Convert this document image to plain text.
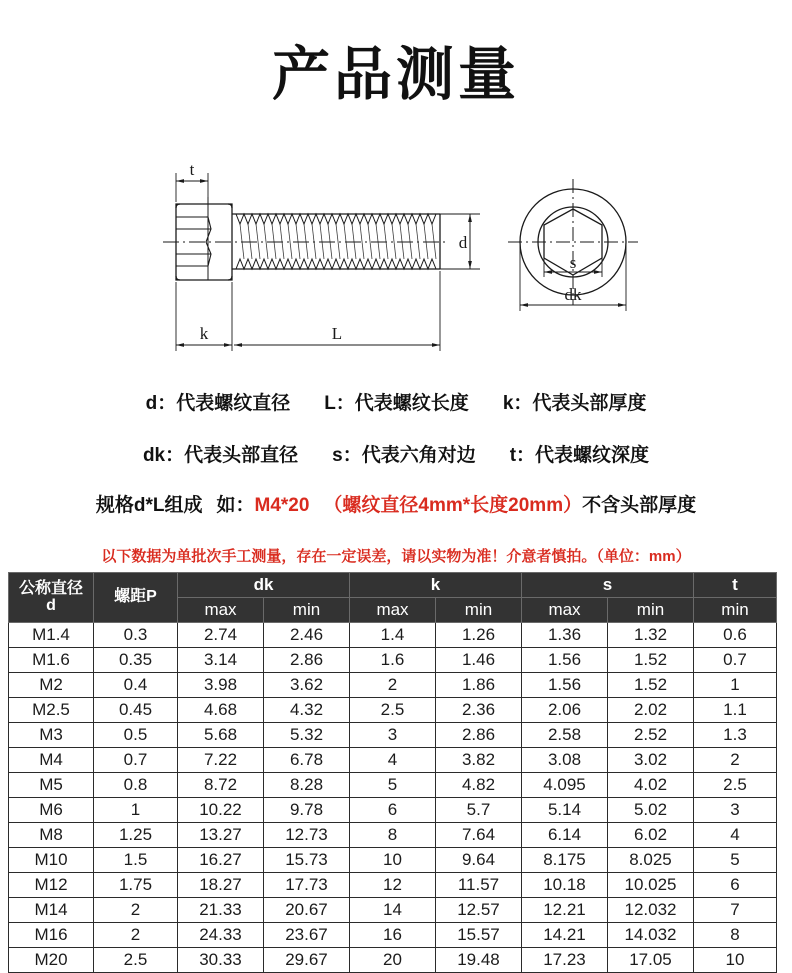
产品测量
t
d
k	L
s
dk
d：代表螺纹直径 L：代表螺纹长度 k：代表头部厚度
dk：代表头部直径 s：代表六角对边 t：代表螺纹深度
规格d*L组成 如：M4*20 （螺纹直径4mm*长度20mm）不含头部厚度
以下数据为单批次手工测量，存在一定误差，请以实物为准！介意者慎拍。（单位：mm）
公称直径
d	螺距P	dk		k		s		t
		max	min	max	min	max	min	min
M1.4	0.3	2.74	2.46	1.4	1.26	1.36	1.32	0.6
M1.6	0.35	3.14	2.86	1.6	1.46	1.56	1.52	0.7
M2	0.4	3.98	3.62	2	1.86	1.56	1.52	1
M2.5	0.45	4.68	4.32	2.5	2.36	2.06	2.02	1.1
M3	0.5	5.68	5.32	3	2.86	2.58	2.52	1.3
M4	0.7	7.22	6.78	4	3.82	3.08	3.02	2
M5	0.8	8.72	8.28	5	4.82	4.095	4.02	2.5
M6	1	10.22	9.78	6	5.7	5.14	5.02	3
M8	1.25	13.27	12.73	8	7.64	6.14	6.02	4
M10	1.5	16.27	15.73	10	9.64	8.175	8.025	5
M12	1.75	18.27	17.73	12	11.57	10.18	10.025	6
M14	2	21.33	20.67	14	12.57	12.21	12.032	7
M16	2	24.33	23.67	16	15.57	14.21	14.032	8
M20	2.5	30.33	29.67	20	19.48	17.23	17.05	10
